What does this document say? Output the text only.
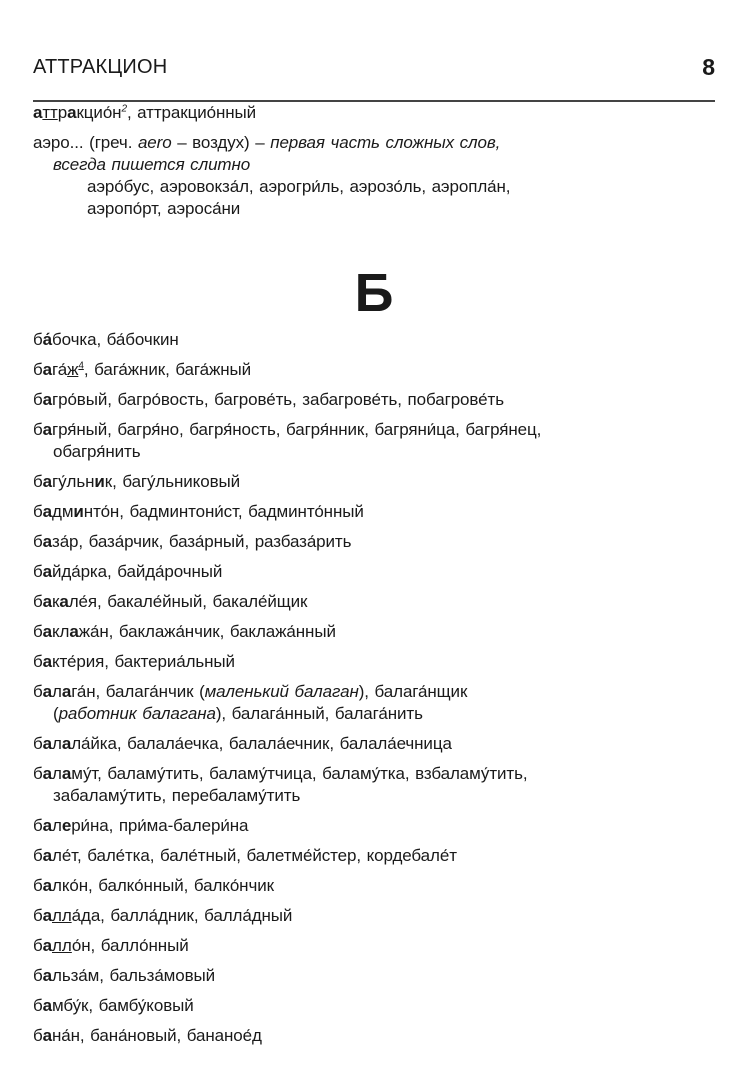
АТТРАКЦИОН	8
$аттракцио́н^2$, аттракцио́нный
аэро... (греч. aero – воздух) – первая часть сложных слов,
всегда пишется слитно
аэро́бус, аэровокза́л, аэрогри́ль, аэрозо́ль, аэропла́н,
аэропо́рт, аэроса́ни
Б
ба́бочка, ба́бочкин
$бага́ж^4$, бага́жник, бага́жный
багро́вый, багро́вость, багрове́ть, забагрове́ть, побагрове́ть
багря́ный, багря́но, багря́ность, багря́нник, багряни́ца, багря́нец,
обагря́нить
багу́льник, багу́льниковый
бадминто́н, бадминтони́ст, бадминто́нный
база́р, база́рчик, база́рный, разбаза́рить
байда́рка, байда́рочный
бакале́я, бакале́йный, бакале́йщик
баклажа́н, баклажа́нчик, баклажа́нный
бакте́рия, бактериа́льный
балага́н, балага́нчик (маленький балаган), балага́нщик
(работник балагана), балага́нный, балага́нить
балала́йка, балала́ечка, балала́ечник, балала́ечница
баламу́т, баламу́тить, баламу́тчица, баламу́тка, взбаламу́тить,
забаламу́тить, перебаламу́тить
балери́на, при́ма-балери́на
бале́т, бале́тка, бале́тный, балетме́йстер, кордебале́т
балко́н, балко́нный, балко́нчик
балла́да, балла́дник, балла́дный
балло́н, балло́нный
бальза́м, бальза́мовый
бамбу́к, бамбу́ковый
бана́н, бана́новый, бананое́д
